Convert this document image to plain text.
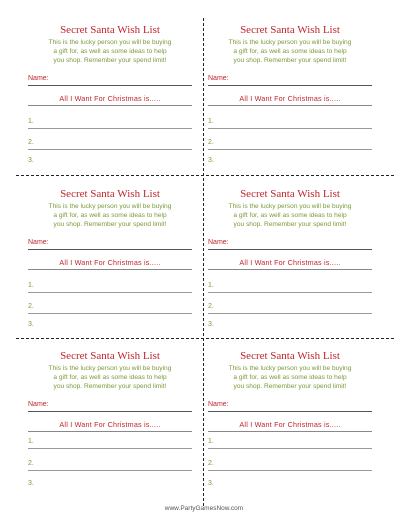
Secret Santa Wish List
This is the lucky person you will be buying
a gift for, as well as some ideas to help
you shop. Remember your spend limit!
Name:
All I Want For Christmas is.....
1.
2.
3.
Secret Santa Wish List
This is the lucky person you will be buying
a gift for, as well as some ideas to help
you shop. Remember your spend limit!
Name:
All I Want For Christmas is.....
1.
2.
3.
Secret Santa Wish List
This is the lucky person you will be buying
a gift for, as well as some ideas to help
you shop. Remember your spend limit!
Name:
All I Want For Christmas is.....
1.
2.
3.
Secret Santa Wish List
This is the lucky person you will be buying
a gift for, as well as some ideas to help
you shop. Remember your spend limit!
Name:
All I Want For Christmas is.....
1.
2.
3.
Secret Santa Wish List
This is the lucky person you will be buying
a gift for, as well as some ideas to help
you shop. Remember your spend limit!
Name:
All I Want For Christmas is.....
1.
2.
3.
Secret Santa Wish List
This is the lucky person you will be buying
a gift for, as well as some ideas to help
you shop. Remember your spend limit!
Name:
All I Want For Christmas is.....
1.
2.
3.
www.PartyGamesNow.com
